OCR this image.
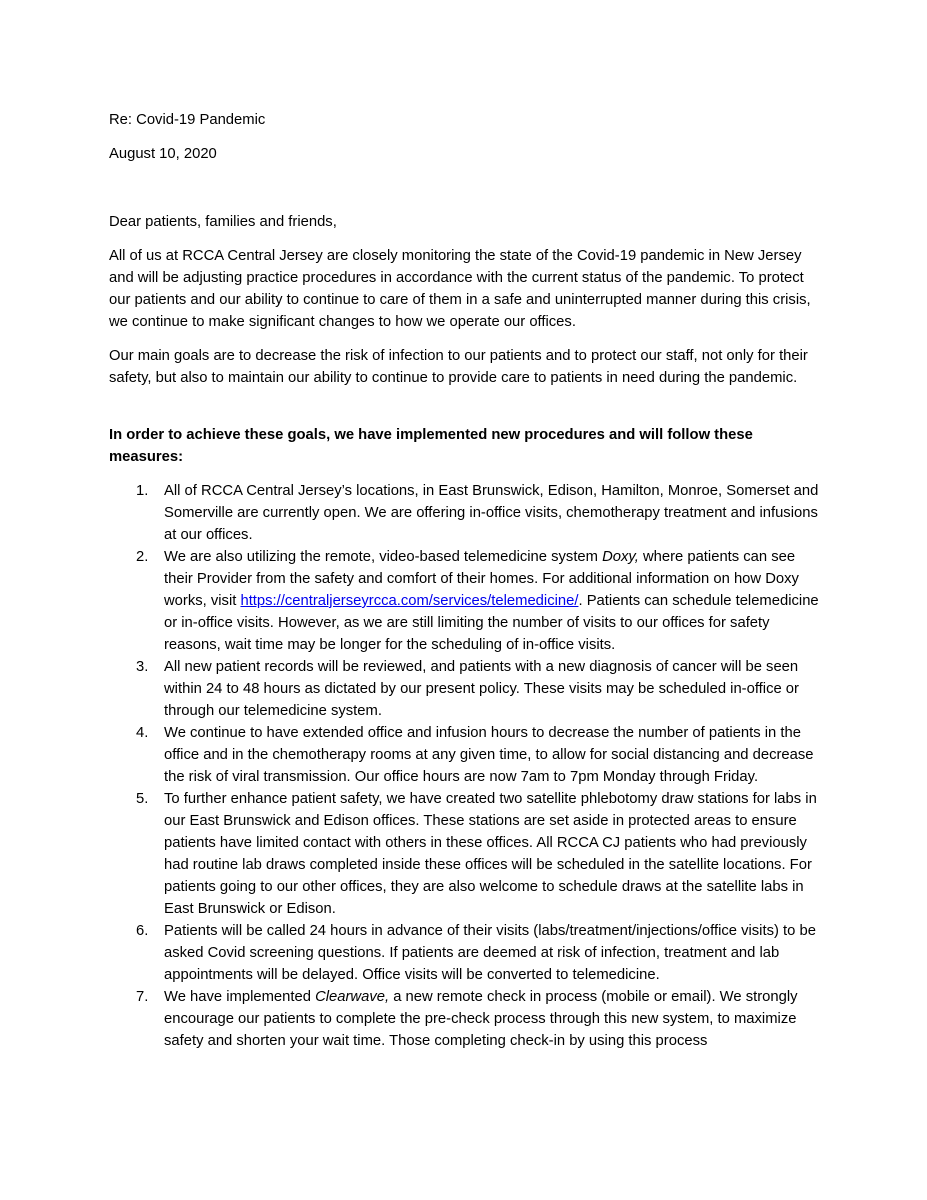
Re: Covid-19 Pandemic
August 10, 2020
Dear patients, families and friends,

All of us at RCCA Central Jersey are closely monitoring the state of the Covid-19 pandemic in New Jersey and will be adjusting practice procedures in accordance with the current status of the pandemic. To protect our patients and our ability to continue to care of them in a safe and uninterrupted manner during this crisis, we continue to make significant changes to how we operate our offices.

Our main goals are to decrease the risk of infection to our patients and to protect our staff, not only for their safety, but also to maintain our ability to continue to provide care to patients in need during the pandemic.

In order to achieve these goals, we have implemented new procedures and will follow these measures:

1. All of RCCA Central Jersey’s locations, in East Brunswick, Edison, Hamilton, Monroe, Somerset and Somerville are currently open. We are offering in-office visits, chemotherapy treatment and infusions at our offices.
2. We are also utilizing the remote, video-based telemedicine system Doxy, where patients can see their Provider from the safety and comfort of their homes. For additional information on how Doxy works, visit https://centraljerseyrcca.com/services/telemedicine/. Patients can schedule telemedicine or in-office visits. However, as we are still limiting the number of visits to our offices for safety reasons, wait time may be longer for the scheduling of in-office visits.
3. All new patient records will be reviewed, and patients with a new diagnosis of cancer will be seen within 24 to 48 hours as dictated by our present policy. These visits may be scheduled in-office or through our telemedicine system.
4. We continue to have extended office and infusion hours to decrease the number of patients in the office and in the chemotherapy rooms at any given time, to allow for social distancing and decrease the risk of viral transmission. Our office hours are now 7am to 7pm Monday through Friday.
5. To further enhance patient safety, we have created two satellite phlebotomy draw stations for labs in our East Brunswick and Edison offices. These stations are set aside in protected areas to ensure patients have limited contact with others in these offices. All RCCA CJ patients who had previously had routine lab draws completed inside these offices will be scheduled in the satellite locations. For patients going to our other offices, they are also welcome to schedule draws at the satellite labs in East Brunswick or Edison.
6. Patients will be called 24 hours in advance of their visits (labs/treatment/injections/office visits) to be asked Covid screening questions. If patients are deemed at risk of infection, treatment and lab appointments will be delayed. Office visits will be converted to telemedicine.
7. We have implemented Clearwave, a new remote check in process (mobile or email). We strongly encourage our patients to complete the pre-check process through this new system, to maximize safety and shorten your wait time. Those completing check-in by using this process
